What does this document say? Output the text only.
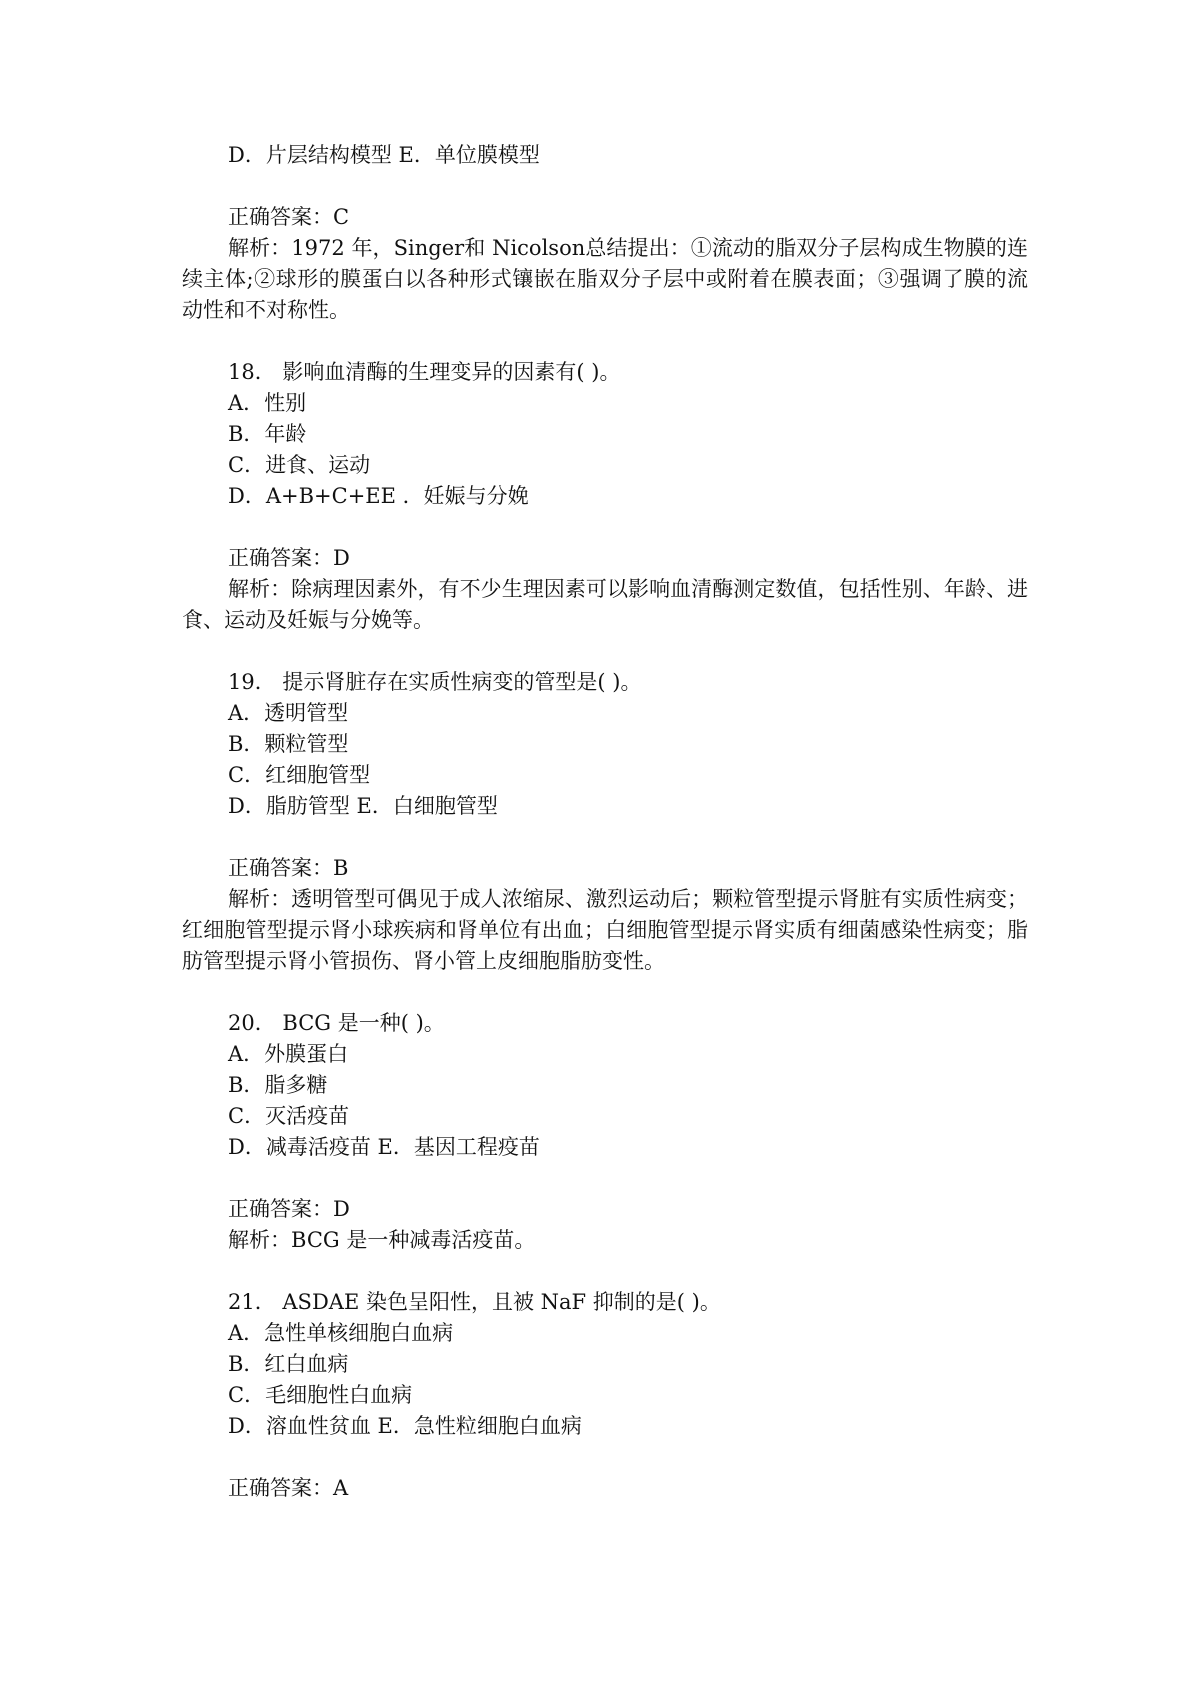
D．片层结构模型 E．单位膜模型

正确答案：C

解析：1972 年，Singer和 Nicolson总结提出：①流动的脂双分子层构成生物膜的连续主体;②球形的膜蛋白以各种形式镶嵌在脂双分子层中或附着在膜表面；③强调了膜的流动性和不对称性。

18． 影响血清酶的生理变异的因素有( )。

A．性别

B．年龄

C．进食、运动

D．A+B+C+EE ．妊娠与分娩

正确答案：D

解析：除病理因素外，有不少生理因素可以影响血清酶测定数值，包括性别、年龄、进食、运动及妊娠与分娩等。

19． 提示肾脏存在实质性病变的管型是( )。

A．透明管型

B．颗粒管型

C．红细胞管型

D．脂肪管型 E．白细胞管型

正确答案：B

解析：透明管型可偶见于成人浓缩尿、激烈运动后；颗粒管型提示肾脏有实质性病变；红细胞管型提示肾小球疾病和肾单位有出血；白细胞管型提示肾实质有细菌感染性病变；脂肪管型提示肾小管损伤、肾小管上皮细胞脂肪变性。

20． BCG 是一种( )。

A．外膜蛋白

B．脂多糖

C．灭活疫苗

D．减毒活疫苗 E．基因工程疫苗

正确答案：D

解析：BCG 是一种减毒活疫苗。

21． ASDAE 染色呈阳性，且被 NaF 抑制的是( )。

A．急性单核细胞白血病

B．红白血病

C．毛细胞性白血病

D．溶血性贫血 E．急性粒细胞白血病

正确答案：A
